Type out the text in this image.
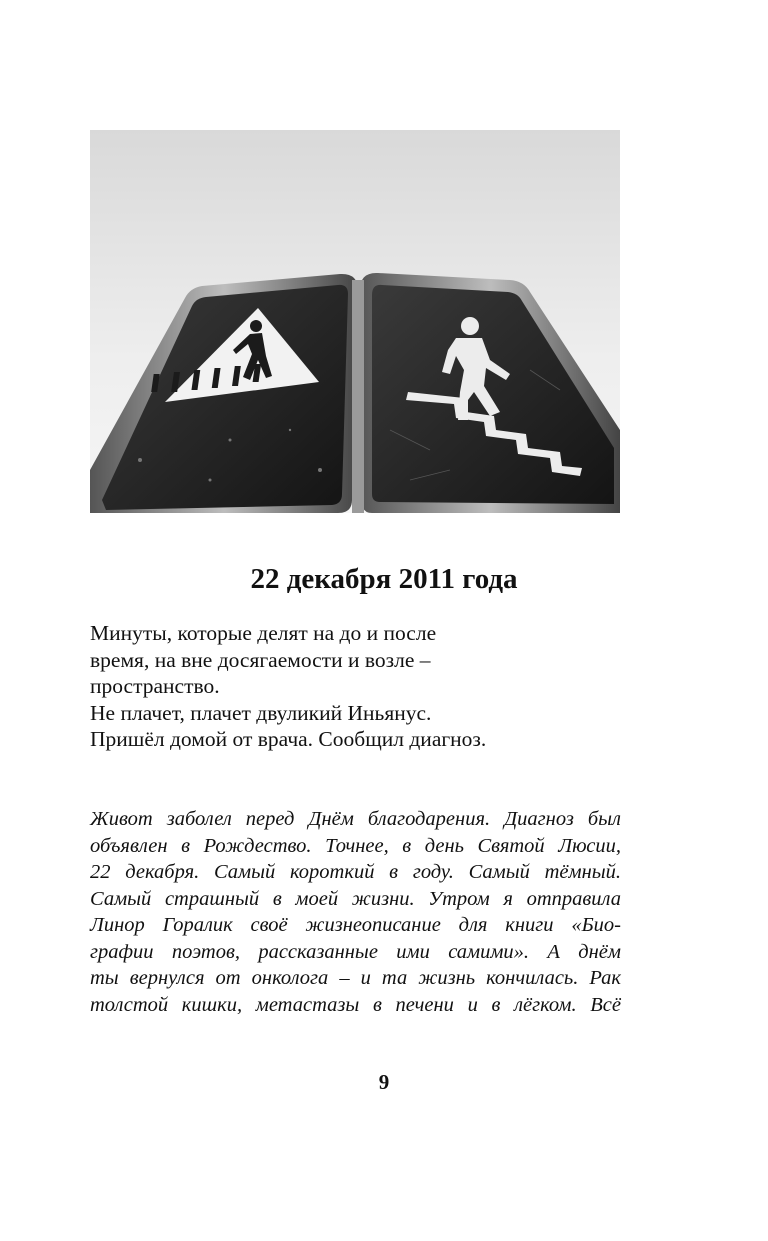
22 декабря 2011 года
Минуты, которые делят на до и после
время, на вне досягаемости и возле –
пространство.
Не плачет, плачет двуликий Иньянус.
Пришёл домой от врача. Сообщил диагноз.
Живот заболел перед Днём благодарения. Диагноз был
объявлен в Рождество. Точнее, в день Святой Люсии,
22 декабря. Самый короткий в году. Самый тёмный.
Самый страшный в моей жизни. Утром я отправила
Линор Горалик своё жизнеописание для книги «Био-
графии поэтов, рассказанные ими самими». А днём
ты вернулся от онколога – и та жизнь кончилась. Рак
толстой кишки, метастазы в печени и в лёгком. Всё
9
